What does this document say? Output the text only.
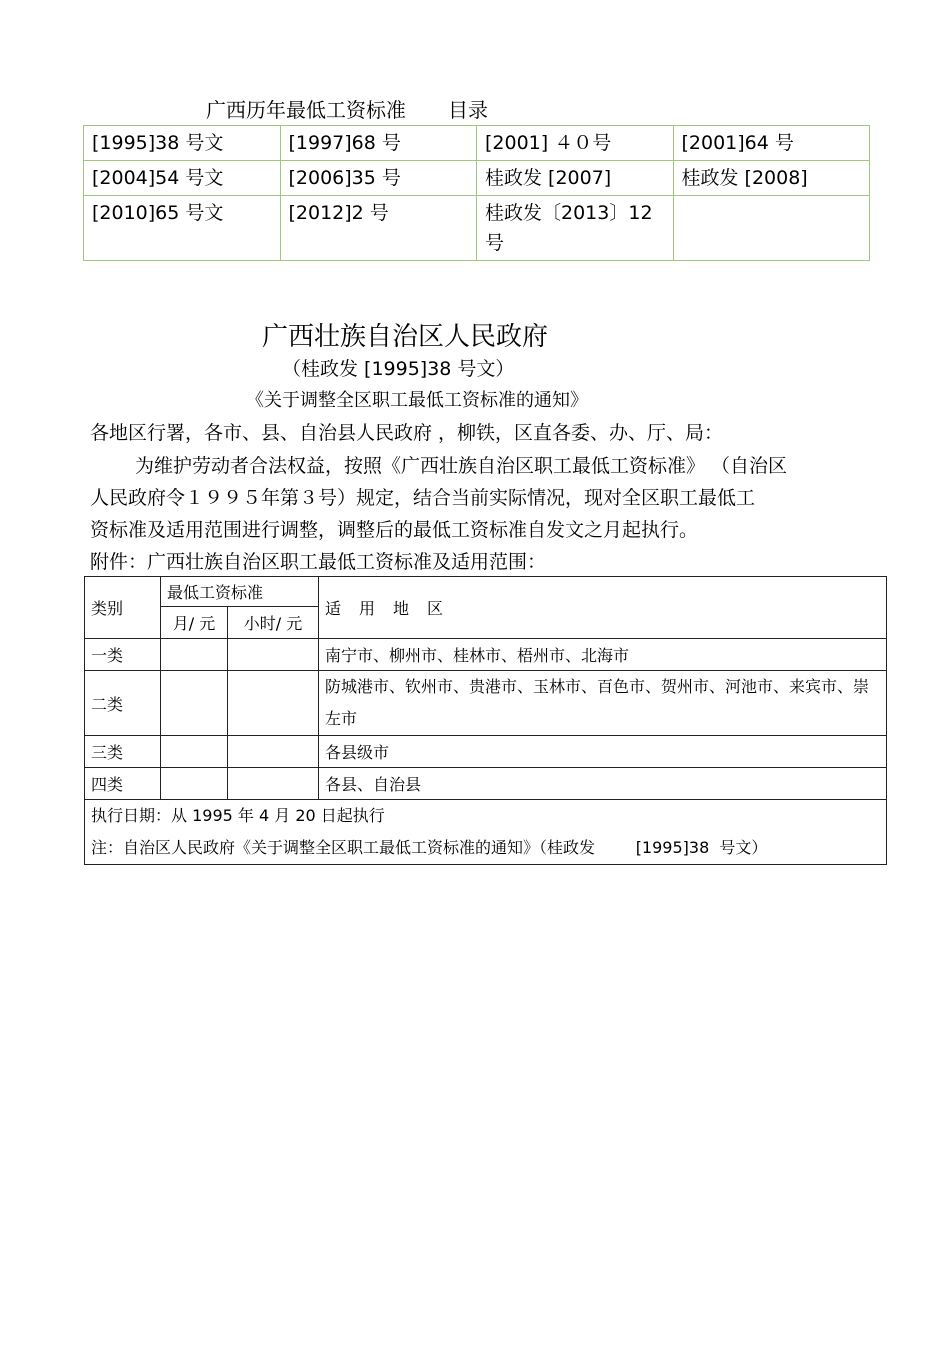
广西历年最低工资标准 目录
[1995]38 号文	[1997]68 号	[2001] ４０号	[2001]64 号
[2004]54 号文	[2006]35 号	桂政发 [2007]	桂政发 [2008]
[2010]65 号文	[2012]2 号	桂政发〔2013〕12 号	
广西壮族自治区人民政府
（桂政发 [1995]38 号文）
《关于调整全区职工最低工资标准的通知》
各地区行署，各市、县、自治县人民政府 ，柳铁，区直各委、办、厅、局：
为维护劳动者合法权益，按照《广西壮族自治区职工最低工资标准》 （自治区
人民政府令１９９５年第３号）规定，结合当前实际情况，现对全区职工最低工
资标准及适用范围进行调整，调整后的最低工资标准自发文之月起执行。
附件：广西壮族自治区职工最低工资标准及适用范围：
类别	最低工资标准		适用地区
	月/ 元	小时/ 元	
一类			南宁市、柳州市、桂林市、梧州市、北海市
二类			防城港市、钦州市、贵港市、玉林市、百色市、贺州市、河池市、来宾市、崇左市
三类			各县级市
四类			各县、自治县

执行日期：从 1995 年 4 月 20 日起执行
注：自治区人民政府《关于调整全区职工最低工资标准的通知》（桂政发        [1995]38  号文）			
